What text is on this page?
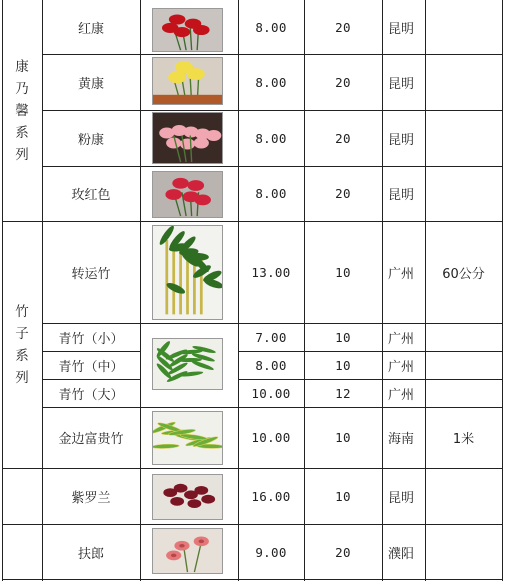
康
乃
馨
系
列
竹
子
系
列
红康	8.00	20	昆明
黄康	8.00	20	昆明
粉康	8.00	20	昆明
玫红色	8.00	20	昆明
转运竹	13.00	10	广州	60公分
青竹（小）	7.00	10	广州
青竹（中）	8.00	10	广州
青竹（大）	10.00	12	广州
金边富贵竹	10.00	10	海南	1米
紫罗兰	16.00	10	昆明
扶郎	9.00	20	濮阳
